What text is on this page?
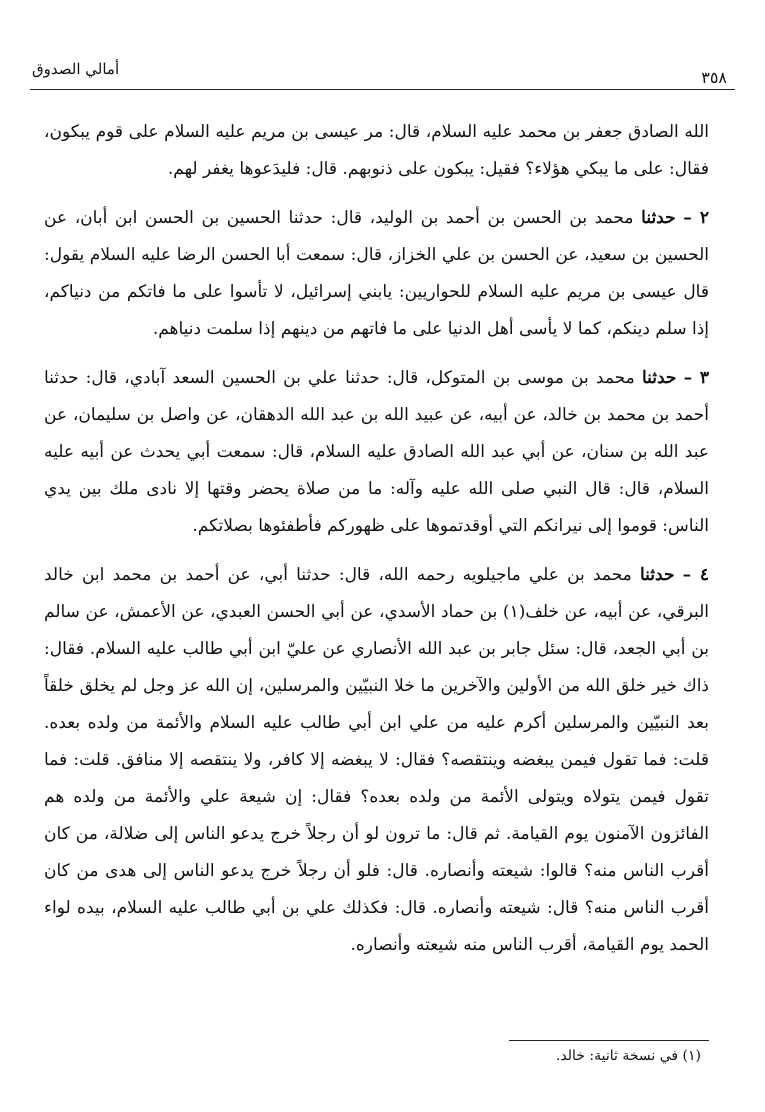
أمالي الصدوق	٣٥٨

الله الصادق جعفر بن محمد عليه السلام، قال: مر عيسى بن مريم عليه السلام على قوم يبكون، فقال: على ما يبكي هؤلاء؟ فقيل: يبكون على ذنوبهم. قال: فليدَعوها يغفر لهم.

٢ – حدثنا محمد بن الحسن بن أحمد بن الوليد، قال: حدثنا الحسين بن الحسن ابن أبان، عن الحسين بن سعيد، عن الحسن بن علي الخزاز، قال: سمعت أبا الحسن الرضا عليه السلام يقول: قال عيسى بن مريم عليه السلام للحواريين: يابني إسرائيل، لا تأسوا على ما فاتكم من دنياكم، إذا سلم دينكم، كما لا يأسى أهل الدنيا على ما فاتهم من دينهم إذا سلمت دنياهم.

٣ – حدثنا محمد بن موسى بن المتوكل، قال: حدثنا علي بن الحسين السعد آبادي، قال: حدثنا أحمد بن محمد بن خالد، عن أبيه، عن عبيد الله بن عبد الله الدهقان، عن واصل بن سليمان، عن عبد الله بن سنان، عن أبي عبد الله الصادق عليه السلام، قال: سمعت أبي يحدث عن أبيه عليه السلام، قال: قال النبي صلى الله عليه وآله: ما من صلاة يحضر وقتها إلا نادى ملك بين يدي الناس: قوموا إلى نيرانكم التي أوقدتموها على ظهوركم فأطفئوها بصلاتكم.

٤ – حدثنا محمد بن علي ماجيلويه رحمه الله، قال: حدثنا أبي، عن أحمد بن محمد ابن خالد البرقي، عن أبيه، عن خلف(١) بن حماد الأسدي، عن أبي الحسن العبدي، عن الأعمش، عن سالم بن أبي الجعد، قال: سئل جابر بن عبد الله الأنصاري عن عليّ ابن أبي طالب عليه السلام. فقال: ذاك خير خلق الله من الأولين والآخرين ما خلا النبيّين والمرسلين، إن الله عز وجل لم يخلق خلقاً بعد النبيّين والمرسلين أكرم عليه من علي ابن أبي طالب عليه السلام والأئمة من ولده بعده. قلت: فما تقول فيمن يبغضه وينتقصه؟ فقال: لا يبغضه إلا كافر، ولا ينتقصه إلا منافق. قلت: فما تقول فيمن يتولاه ويتولى الأئمة من ولده بعده؟ فقال: إن شيعة علي والأئمة من ولده هم الفائزون الآمنون يوم القيامة. ثم قال: ما ترون لو أن رجلاً خرج يدعو الناس إلى ضلالة، من كان أقرب الناس منه؟ قالوا: شيعته وأنصاره. قال: فلو أن رجلاً خرج يدعو الناس إلى هدى من كان أقرب الناس منه؟ قال: شيعته وأنصاره. قال: فكذلك علي بن أبي طالب عليه السلام، بيده لواء الحمد يوم القيامة، أقرب الناس منه شيعته وأنصاره.

(١) في نسخة ثانية: خالد.
